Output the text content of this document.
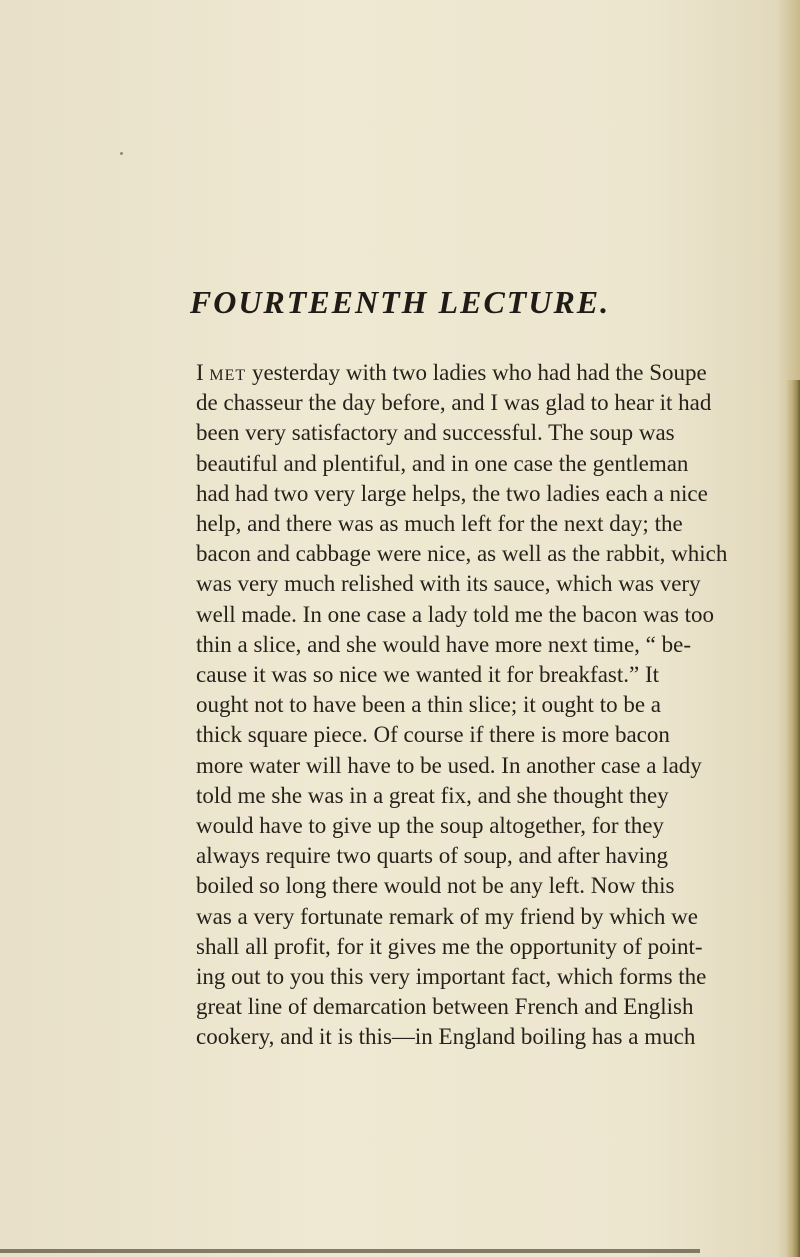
FOURTEENTH LECTURE.
I met yesterday with two ladies who had had the Soupe
de chasseur the day before, and I was glad to hear it had
been very satisfactory and successful. The soup was
beautiful and plentiful, and in one case the gentleman
had had two very large helps, the two ladies each a nice
help, and there was as much left for the next day; the
bacon and cabbage were nice, as well as the rabbit, which
was very much relished with its sauce, which was very
well made. In one case a lady told me the bacon was too
thin a slice, and she would have more next time, “ be-
cause it was so nice we wanted it for breakfast.” It
ought not to have been a thin slice; it ought to be a
thick square piece. Of course if there is more bacon
more water will have to be used. In another case a lady
told me she was in a great fix, and she thought they
would have to give up the soup altogether, for they
always require two quarts of soup, and after having
boiled so long there would not be any left. Now this
was a very fortunate remark of my friend by which we
shall all profit, for it gives me the opportunity of point-
ing out to you this very important fact, which forms the
great line of demarcation between French and English
cookery, and it is this—in England boiling has a much
